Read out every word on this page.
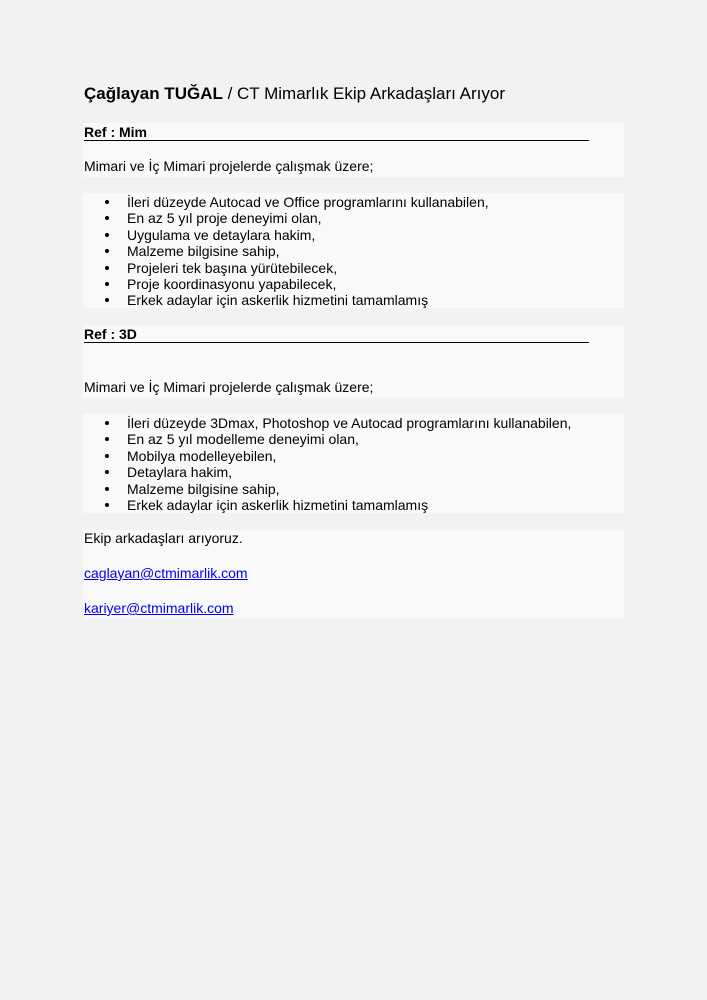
Çağlayan TUĞAL / CT Mimarlık Ekip Arkadaşları Arıyor
Ref : Mim
Mimari ve İç Mimari projelerde çalışmak üzere;
İleri düzeyde Autocad ve Office programlarını kullanabilen,
En az 5 yıl proje deneyimi olan,
Uygulama ve detaylara hakim,
Malzeme bilgisine sahip,
Projeleri tek başına yürütebilecek,
Proje koordinasyonu yapabilecek,
Erkek adaylar için askerlik hizmetini tamamlamış
Ref : 3D
Mimari ve İç Mimari projelerde çalışmak üzere;
İleri düzeyde 3Dmax, Photoshop ve Autocad programlarını kullanabilen,
En az 5 yıl modelleme deneyimi olan,
Mobilya modelleyebilen,
Detaylara hakim,
Malzeme bilgisine sahip,
Erkek adaylar için askerlik hizmetini tamamlamış
Ekip arkadaşları arıyoruz.
caglayan@ctmimarlik.com
kariyer@ctmimarlik.com
